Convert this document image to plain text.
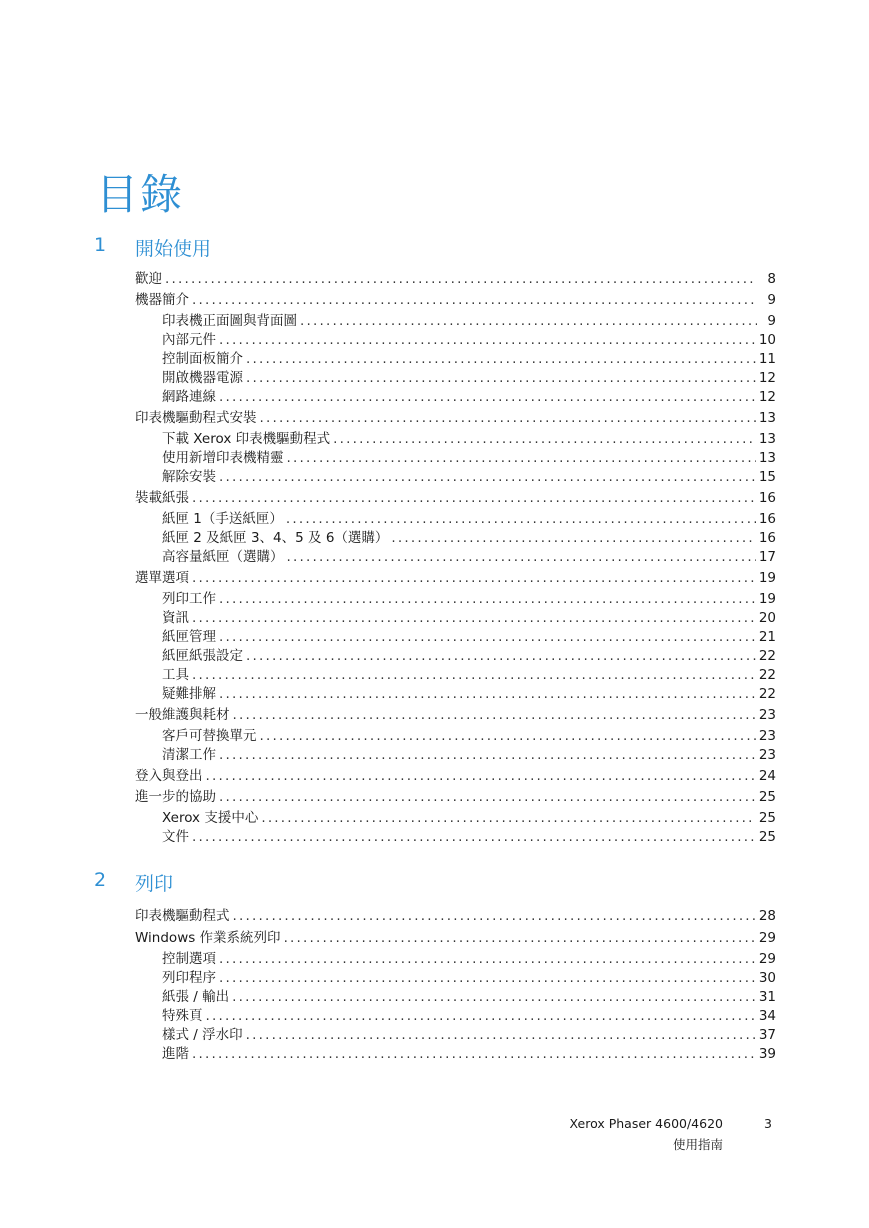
目錄
1 開始使用
歡迎 .....	8
機器簡介 .....	9
印表機正面圖與背面圖 .....	9
內部元件 .....	10
控制面板簡介 .....	11
開啟機器電源 .....	12
網路連線 .....	12
印表機驅動程式安裝 .....	13
下載 Xerox 印表機驅動程式 .....	13
使用新增印表機精靈 .....	13
解除安裝 .....	15
裝載紙張 .....	16
紙匣 1（手送紙匣） .....	16
紙匣 2 及紙匣 3、4、5 及 6（選購） .....	16
高容量紙匣（選購） .....	17
選單選項 .....	19
列印工作 .....	19
資訊 .....	20
紙匣管理 .....	21
紙匣紙張設定 .....	22
工具 .....	22
疑難排解 .....	22
一般維護與耗材 .....	23
客戶可替換單元 .....	23
清潔工作 .....	23
登入與登出 .....	24
進一步的協助 .....	25
Xerox 支援中心 .....	25
文件 .....	25
2 列印
印表機驅動程式 .....	28
Windows 作業系統列印 .....	29
控制選項 .....	29
列印程序 .....	30
紙張 / 輸出 .....	31
特殊頁 .....	34
樣式 / 浮水印 .....	37
進階 .....	39
Xerox Phaser 4600/4620
使用指南
3
